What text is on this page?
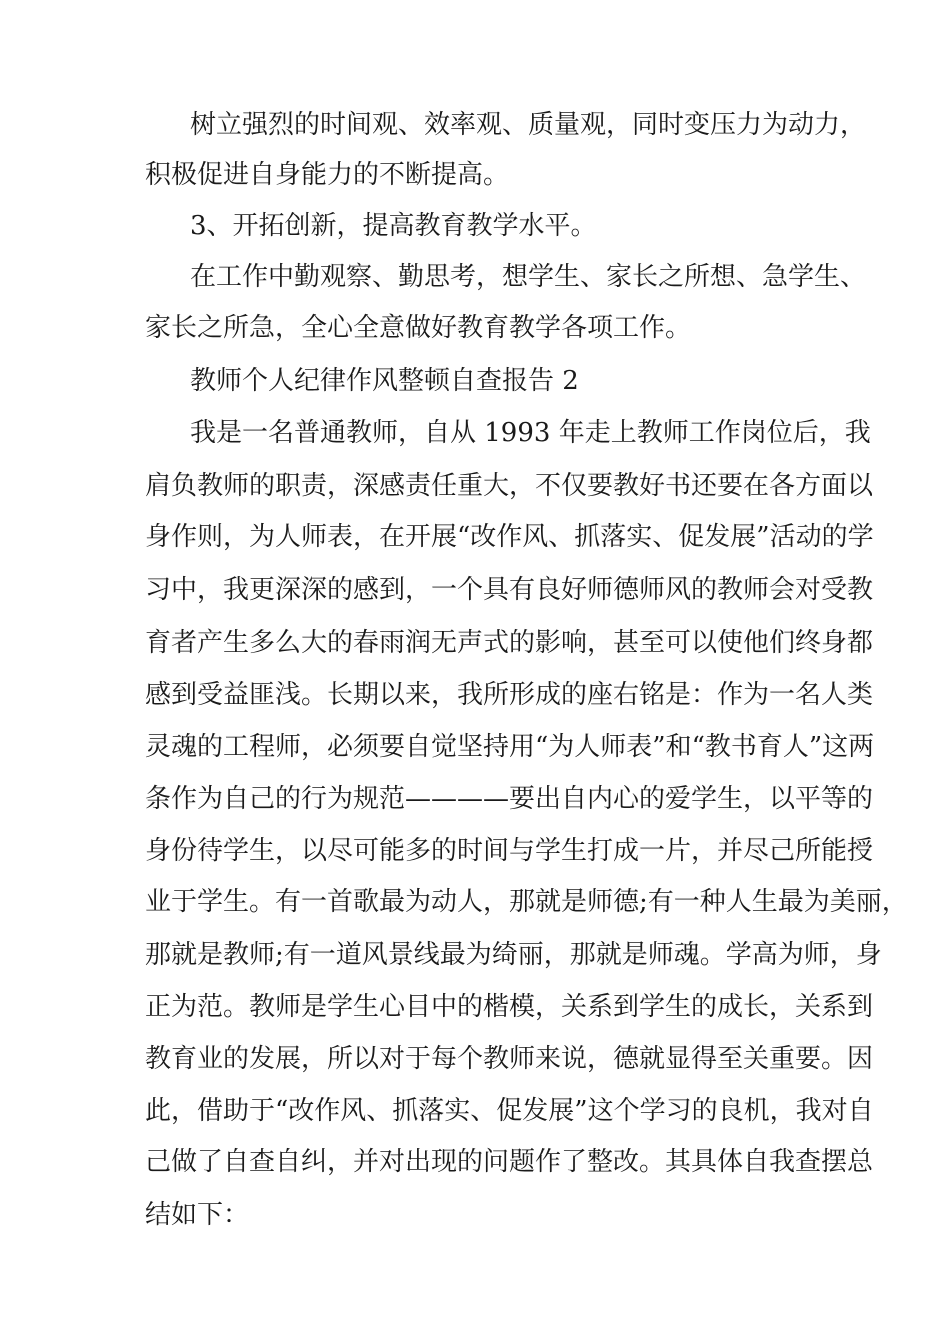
树立强烈的时间观、效率观、质量观，同时变压力为动力，
积极促进自身能力的不断提高。
3、开拓创新，提高教育教学水平。
在工作中勤观察、勤思考，想学生、家长之所想、急学生、
家长之所急，全心全意做好教育教学各项工作。
教师个人纪律作风整顿自查报告 2
我是一名普通教师，自从 1993 年走上教师工作岗位后，我
肩负教师的职责，深感责任重大，不仅要教好书还要在各方面以
身作则，为人师表，在开展“改作风、抓落实、促发展”活动的学
习中，我更深深的感到，一个具有良好师德师风的教师会对受教
育者产生多么大的春雨润无声式的影响，甚至可以使他们终身都
感到受益匪浅。长期以来，我所形成的座右铭是：作为一名人类
灵魂的工程师，必须要自觉坚持用“为人师表”和“教书育人”这两
条作为自己的行为规范————要出自内心的爱学生，以平等的
身份待学生，以尽可能多的时间与学生打成一片，并尽己所能授
业于学生。有一首歌最为动人，那就是师德;有一种人生最为美丽，
那就是教师;有一道风景线最为绮丽，那就是师魂。学高为师，身
正为范。教师是学生心目中的楷模，关系到学生的成长，关系到
教育业的发展，所以对于每个教师来说，德就显得至关重要。因
此，借助于“改作风、抓落实、促发展”这个学习的良机，我对自
己做了自查自纠，并对出现的问题作了整改。其具体自我查摆总
结如下：
